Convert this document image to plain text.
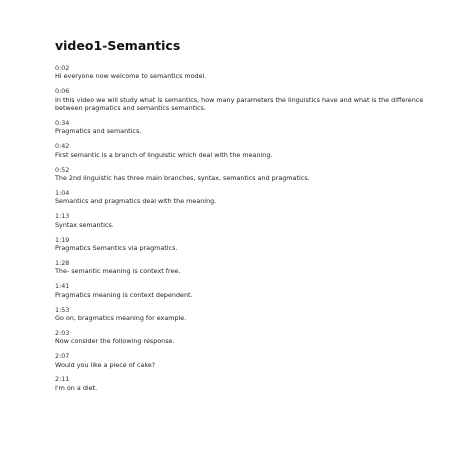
video1-Semantics
0:02
Hi everyone now welcome to semantics model.
0:06
In this video we will study what is semantics, how many parameters the linguistics have and what is the difference between pragmatics and semantics semantics.
0:34
Pragmatics and semantics.
0:42
First semantic is a branch of linguistic which deal with the meaning.
0:52
The 2nd linguistic has three main branches, syntax, semantics and pragmatics.
1:04
Semantics and pragmatics deal with the meaning.
1:13
Syntax semantics.
1:19
Pragmatics Semantics via pragmatics.
1:28
The- semantic meaning is context free.
1:41
Pragmatics meaning is context dependent.
1:53
Go on, bragmatics meaning for example.
2:03
Now consider the following response.
2:07
Would you like a piece of cake?
2:11
I'm on a diet.
